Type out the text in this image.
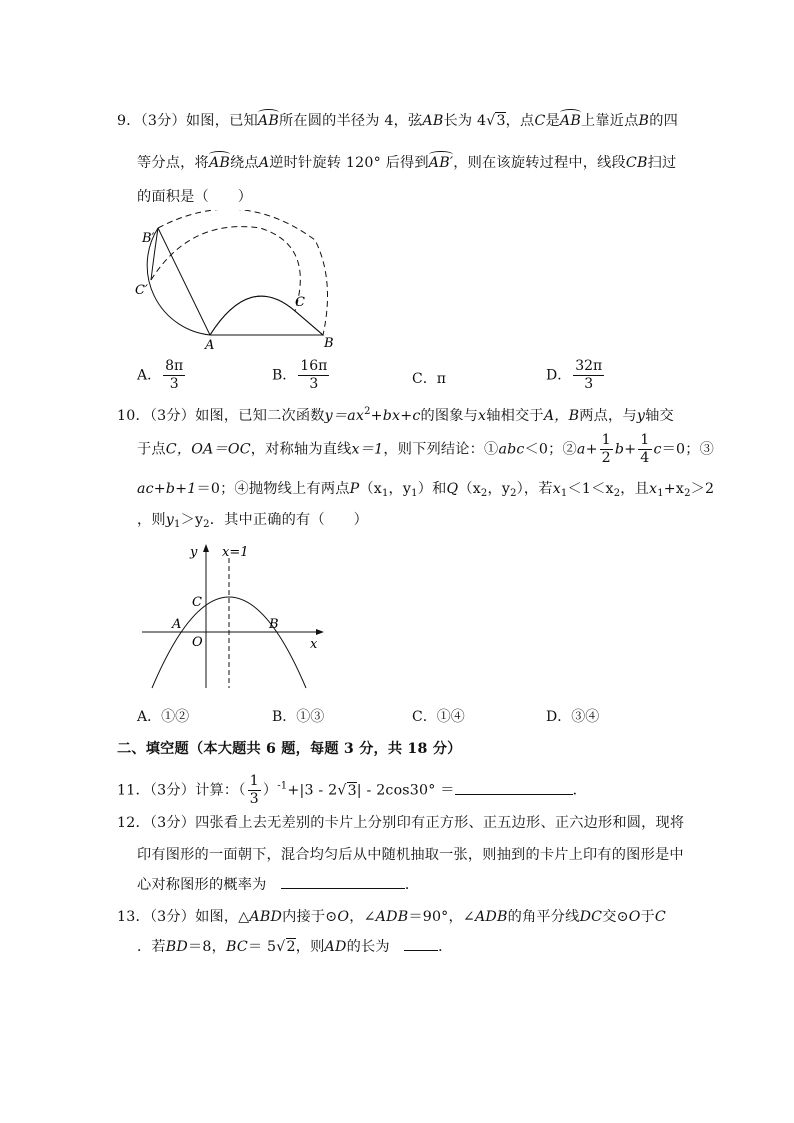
9．（3分）如图，已知AB所在圆的半径为 4，弦AB长为 4√3，点C是AB上靠近点B的四
等分点，将AB绕点A逆时针旋转 120° 后得到AB′，则在该旋转过程中，线段CB扫过
的面积是（　　）
B′
C′
C
A	B
A． $\frac{8\pi}{3}$	B． $\frac{16\pi}{3}$	C．π	D． $\frac{32\pi}{3}$
10．（3分）如图，已知二次函数$y=ax^2+bx+c$的图象与x轴相交于A，B两点，与y轴交
于点C，OA＝OC，对称轴为直线x＝1，则下列结论：①abc＜0；②a+ $\frac{1}{2} b+ \frac{1}{4} c=0$；③
ac+b+1＝0；④抛物线上有两点$P(x_1$，$y_1$）和$Q(x_2$，$y_2$），若$x_1<1<x_2$，且$x_1+x_2>2$
，则$y_1>y_2$．其中正确的有（　　）
y x=1
C
A
O
B
x
A．①②	B．①③	C．①④	D．③④
二、填空题（本大题共 6 题，每题 3 分，共 18 分）
11．（3分）计算：（ $\frac{1}{3} )^{-1}+|3 - 2√3| - 2\cos 30^\circ$ ＝	．
12．（3分）四张看上去无差别的卡片上分别印有正方形、正五边形、正六边形和圆，现将
印有图形的一面朝下，混合均匀后从中随机抽取一张，则抽到的卡片上印有的图形是中
心对称图形的概率为　	．
13．（3分）如图，△ABD内接于⊙O，∠ADB＝90°，∠ADB的角平分线DC交⊙O于C
．若BD＝8，BC＝ 5√2，则AD的长为　	．
